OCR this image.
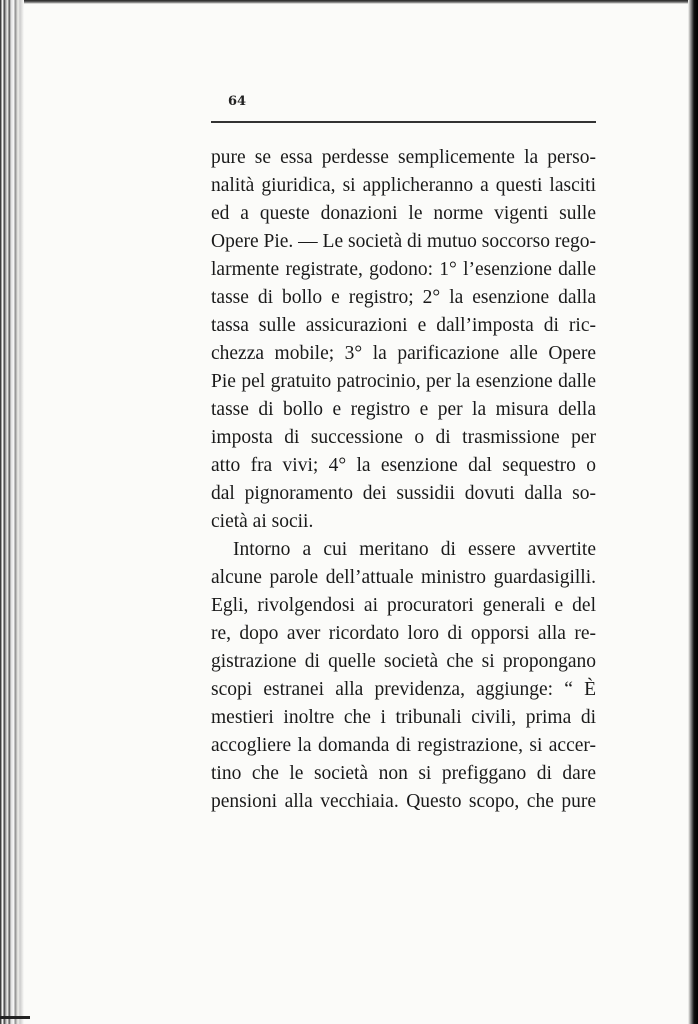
64
pure se essa perdesse semplicemente la perso-
nalità giuridica, si applicheranno a questi lasciti
ed a queste donazioni le norme vigenti sulle
Opere Pie. — Le società di mutuo soccorso rego-
larmente registrate, godono: 1° l’esenzione dalle
tasse di bollo e registro; 2° la esenzione dalla
tassa sulle assicurazioni e dall’imposta di ric-
chezza mobile; 3° la parificazione alle Opere
Pie pel gratuito patrocinio, per la esenzione dalle
tasse di bollo e registro e per la misura della
imposta di successione o di trasmissione per
atto fra vivi; 4° la esenzione dal sequestro o
dal pignoramento dei sussidii dovuti dalla so-
cietà ai socii.
Intorno a cui meritano di essere avvertite
alcune parole dell’attuale ministro guardasigilli.
Egli, rivolgendosi ai procuratori generali e del
re, dopo aver ricordato loro di opporsi alla re-
gistrazione di quelle società che si propongano
scopi estranei alla previdenza, aggiunge: “ È
mestieri inoltre che i tribunali civili, prima di
accogliere la domanda di registrazione, si accer-
tino che le società non si prefiggano di dare
pensioni alla vecchiaia. Questo scopo, che pure
